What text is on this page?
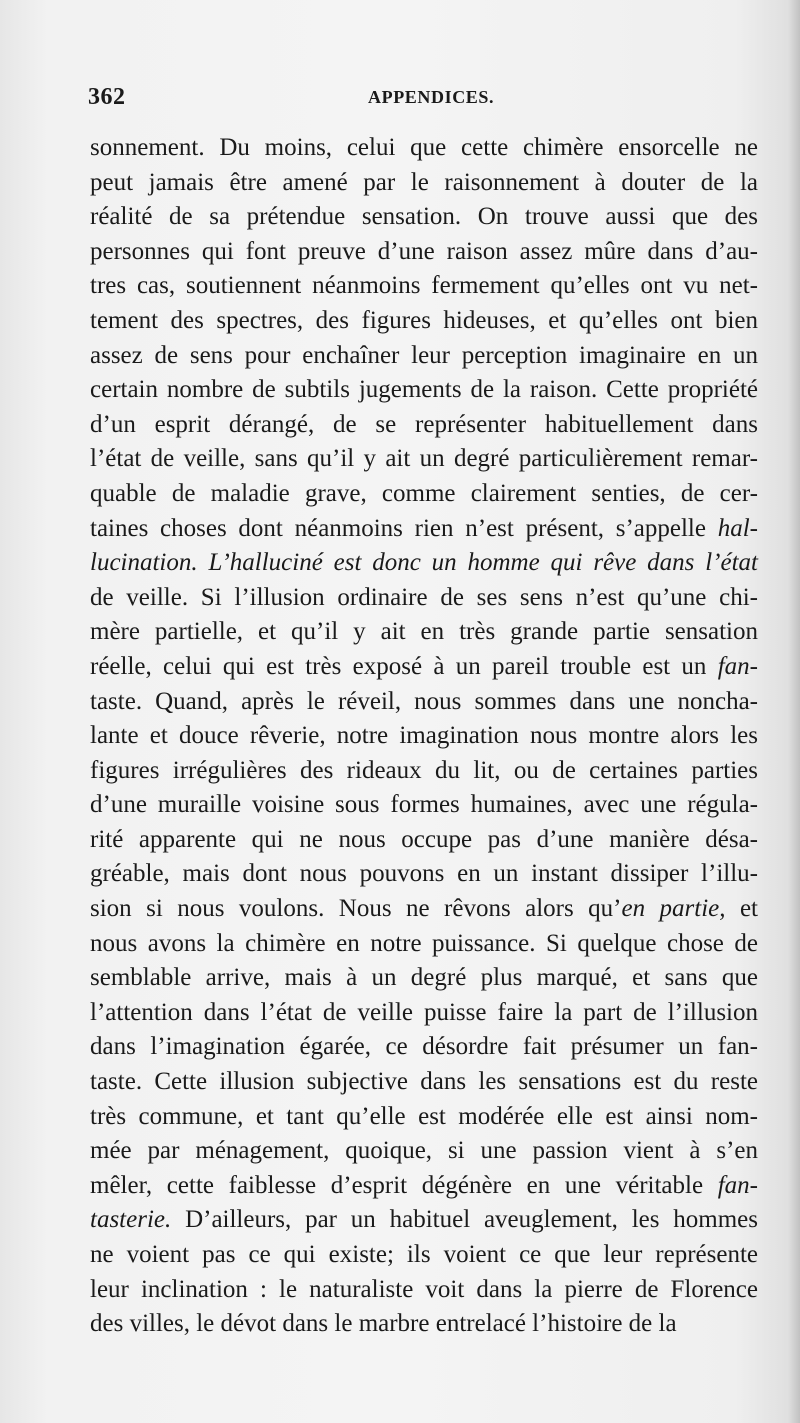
362	APPENDICES.
sonnement. Du moins, celui que cette chimère ensorcelle ne
peut jamais être amené par le raisonnement à douter de la
réalité de sa prétendue sensation. On trouve aussi que des
personnes qui font preuve d’une raison assez mûre dans d’au-
tres cas, soutiennent néanmoins fermement qu’elles ont vu net-
tement des spectres, des figures hideuses, et qu’elles ont bien
assez de sens pour enchaîner leur perception imaginaire en un
certain nombre de subtils jugements de la raison. Cette propriété
d’un esprit dérangé, de se représenter habituellement dans
l’état de veille, sans qu’il y ait un degré particulièrement remar-
quable de maladie grave, comme clairement senties, de cer-
taines choses dont néanmoins rien n’est présent, s’appelle hal-
lucination. L’halluciné est donc un homme qui rêve dans l’état
de veille. Si l’illusion ordinaire de ses sens n’est qu’une chi-
mère partielle, et qu’il y ait en très grande partie sensation
réelle, celui qui est très exposé à un pareil trouble est un fan-
taste. Quand, après le réveil, nous sommes dans une noncha-
lante et douce rêverie, notre imagination nous montre alors les
figures irrégulières des rideaux du lit, ou de certaines parties
d’une muraille voisine sous formes humaines, avec une régula-
rité apparente qui ne nous occupe pas d’une manière désa-
gréable, mais dont nous pouvons en un instant dissiper l’illu-
sion si nous voulons. Nous ne rêvons alors qu’en partie, et
nous avons la chimère en notre puissance. Si quelque chose de
semblable arrive, mais à un degré plus marqué, et sans que
l’attention dans l’état de veille puisse faire la part de l’illusion
dans l’imagination égarée, ce désordre fait présumer un fan-
taste. Cette illusion subjective dans les sensations est du reste
très commune, et tant qu’elle est modérée elle est ainsi nom-
mée par ménagement, quoique, si une passion vient à s’en
mêler, cette faiblesse d’esprit dégénère en une véritable fan-
tasterie. D’ailleurs, par un habituel aveuglement, les hommes
ne voient pas ce qui existe; ils voient ce que leur représente
leur inclination : le naturaliste voit dans la pierre de Florence
des villes, le dévot dans le marbre entrelacé l’histoire de la
